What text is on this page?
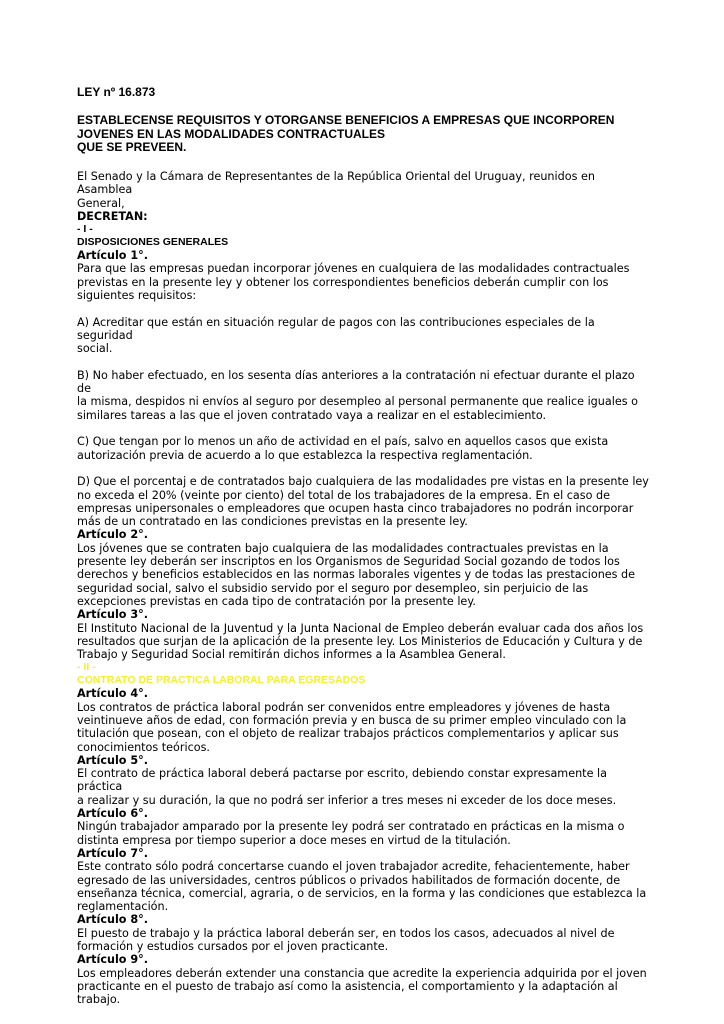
LEY nº 16.873
ESTABLECENSE REQUISITOS Y OTORGANSE BENEFICIOS A EMPRESAS QUE INCORPOREN
JOVENES EN LAS MODALIDADES CONTRACTUALES
QUE SE PREVEEN.

El Senado y la Cámara de Representantes de la República Oriental del Uruguay, reunidos en Asamblea

General,

DECRETAN:

- I -

DISPOSICIONES GENERALES

Artículo 1°.

Para que las empresas puedan incorporar jóvenes en cualquiera de las modalidades contractuales

previstas en la presente ley y obtener los correspondientes beneficios deberán cumplir con los

siguientes requisitos:

A) Acreditar que están en situación regular de pagos con las contribuciones especiales de la seguridad

social.

B) No haber efectuado, en los sesenta días anteriores a la contratación ni efectuar durante el plazo de

la misma, despidos ni envíos al seguro por desempleo al personal permanente que realice iguales o

similares tareas a las que el joven contratado vaya a realizar en el establecimiento.

C) Que tengan por lo menos un año de actividad en el país, salvo en aquellos casos que exista

autorización previa de acuerdo a lo que establezca la respectiva reglamentación.

D) Que el porcentaj e de contratados bajo cualquiera de las modalidades pre vistas en la presente ley

no exceda el 20% (veinte por ciento) del total de los trabajadores de la empresa. En el caso de

empresas unipersonales o empleadores que ocupen hasta cinco trabajadores no podrán incorporar

más de un contratado en las condiciones previstas en la presente ley.

Artículo 2°.

Los jóvenes que se contraten bajo cualquiera de las modalidades contractuales previstas en la

presente ley deberán ser inscriptos en los Organismos de Seguridad Social gozando de todos los

derechos y beneficios establecidos en las normas laborales vigentes y de todas las prestaciones de

seguridad social, salvo el subsidio servido por el seguro por desempleo, sin perjuicio de las

excepciones previstas en cada tipo de contratación por la presente ley.

Artículo 3°.

El Instituto Nacional de la Juventud y la Junta Nacional de Empleo deberán evaluar cada dos años los

resultados que surjan de la aplicación de la presente ley. Los Ministerios de Educación y Cultura y de

Trabajo y Seguridad Social remitirán dichos informes a la Asamblea General.

- II -

CONTRATO DE PRACTICA LABORAL PARA EGRESADOS

Artículo 4°.

Los contratos de práctica laboral podrán ser convenidos entre empleadores y jóvenes de hasta

veintinueve años de edad, con formación previa y en busca de su primer empleo vinculado con la

titulación que posean, con el objeto de realizar trabajos prácticos complementarios y aplicar sus

conocimientos teóricos.

Artículo 5°.

El contrato de práctica laboral deberá pactarse por escrito, debiendo constar expresamente la práctica

a realizar y su duración, la que no podrá ser inferior a tres meses ni exceder de los doce meses.

Artículo 6°.

Ningún trabajador amparado por la presente ley podrá ser contratado en prácticas en la misma o

distinta empresa por tiempo superior a doce meses en virtud de la titulación.

Artículo 7°.

Este contrato sólo podrá concertarse cuando el joven trabajador acredite, fehacientemente, haber

egresado de las universidades, centros públicos o privados habilitados de formación docente, de

enseñanza técnica, comercial, agraria, o de servicios, en la forma y las condiciones que establezca la

reglamentación.

Artículo 8°.

El puesto de trabajo y la práctica laboral deberán ser, en todos los casos, adecuados al nivel de

formación y estudios cursados por el joven practicante.

Artículo 9°.

Los empleadores deberán extender una constancia que acredite la experiencia adquirida por el joven

practicante en el puesto de trabajo así como la asistencia, el comportamiento y la adaptación al

trabajo.
